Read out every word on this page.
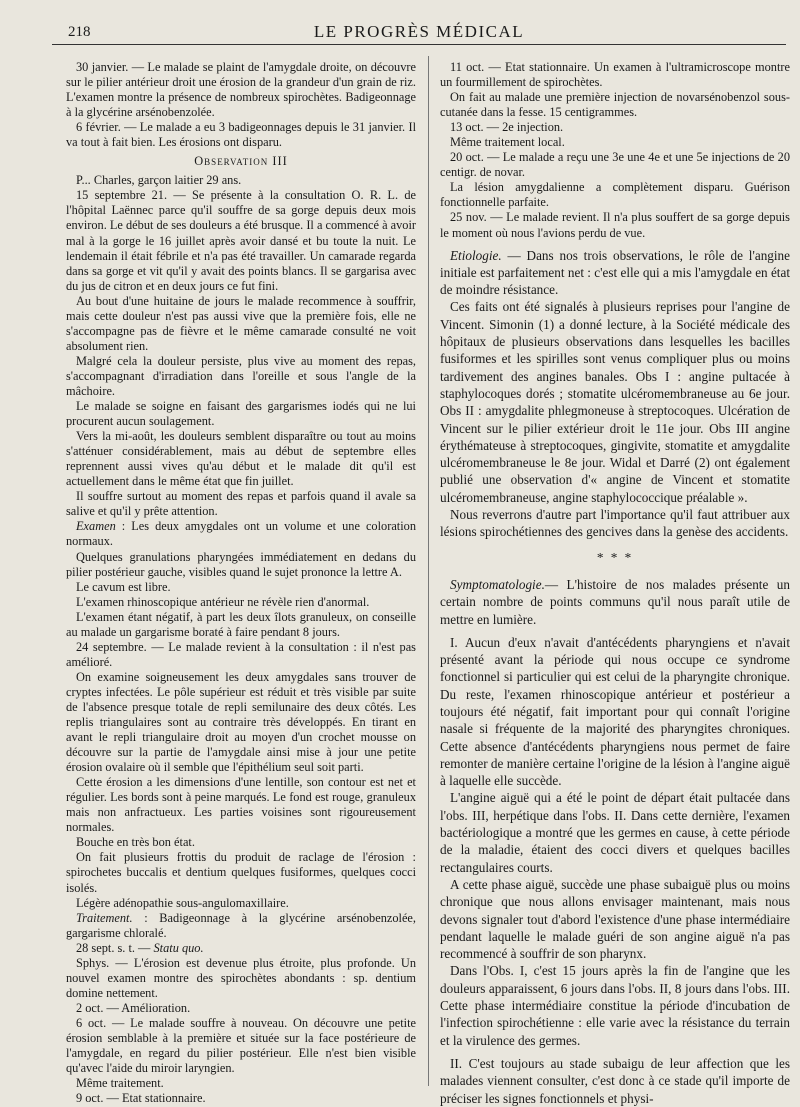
218	LE PROGRÈS MÉDICAL

30 janvier. — Le malade se plaint de l'amygdale droite, on découvre sur le pilier antérieur droit une érosion de la grandeur d'un grain de riz. L'examen montre la présence de nombreux spirochètes. Badigeonnage à la glycérine arsénobenzolée.

6 février. — Le malade a eu 3 badigeonnages depuis le 31 janvier. Il va tout à fait bien. Les érosions ont disparu.

Observation III

P... Charles, garçon laitier 29 ans.

15 septembre 21. — Se présente à la consultation O. R. L. de l'hôpital Laënnec parce qu'il souffre de sa gorge depuis deux mois environ. Le début de ses douleurs a été brusque. Il a commencé à avoir mal à la gorge le 16 juillet après avoir dansé et bu toute la nuit. Le lendemain il était fébrile et n'a pas été travailler. Un camarade regarda dans sa gorge et vit qu'il y avait des points blancs. Il se gargarisa avec du jus de citron et en deux jours ce fut fini.

Au bout d'une huitaine de jours le malade recommence à souffrir, mais cette douleur n'est pas aussi vive que la première fois, elle ne s'accompagne pas de fièvre et le même camarade consulté ne voit absolument rien.

Malgré cela la douleur persiste, plus vive au moment des repas, s'accompagnant d'irradiation dans l'oreille et sous l'angle de la mâchoire.

Le malade se soigne en faisant des gargarismes iodés qui ne lui procurent aucun soulagement.

Vers la mi-août, les douleurs semblent disparaître ou tout au moins s'atténuer considérablement, mais au début de septembre elles reprennent aussi vives qu'au début et le malade dit qu'il est actuellement dans le même état que fin juillet.

Il souffre surtout au moment des repas et parfois quand il avale sa salive et qu'il y prête attention.

Examen : Les deux amygdales ont un volume et une coloration normaux.

Quelques granulations pharyngées immédiatement en dedans du pilier postérieur gauche, visibles quand le sujet prononce la lettre A.

Le cavum est libre.

L'examen rhinoscopique antérieur ne révèle rien d'anormal.

L'examen étant négatif, à part les deux îlots granuleux, on conseille au malade un gargarisme boraté à faire pendant 8 jours.

24 septembre. — Le malade revient à la consultation : il n'est pas amélioré.

On examine soigneusement les deux amygdales sans trouver de cryptes infectées. Le pôle supérieur est réduit et très visible par suite de l'absence presque totale de repli semilunaire des deux côtés. Les replis triangulaires sont au contraire très développés. En tirant en avant le repli triangulaire droit au moyen d'un crochet mousse on découvre sur la partie de l'amygdale ainsi mise à jour une petite érosion ovalaire où il semble que l'épithélium seul soit parti.

Cette érosion a les dimensions d'une lentille, son contour est net et régulier. Les bords sont à peine marqués. Le fond est rouge, granuleux mais non anfractueux. Les parties voisines sont rigoureusement normales.

Bouche en très bon état.

On fait plusieurs frottis du produit de raclage de l'érosion : spirochetes buccalis et dentium quelques fusiformes, quelques cocci isolés.

Légère adénopathie sous-angulomaxillaire.

Traitement. : Badigeonnage à la glycérine arsénobenzolée, gargarisme chloralé.

28 sept. s. t. — Statu quo.

Sphys. — L'érosion est devenue plus étroite, plus profonde. Un nouvel examen montre des spirochètes abondants : sp. dentium domine nettement.

2 oct. — Amélioration.

6 oct. — Le malade souffre à nouveau. On découvre une petite érosion semblable à la première et située sur la face postérieure de l'amygdale, en regard du pilier postérieur. Elle n'est bien visible qu'avec l'aide du miroir laryngien.

Même traitement.

9 oct. — Etat stationnaire.

11 oct. — Etat stationnaire. Un examen à l'ultramicroscope montre un fourmillement de spirochètes.

On fait au malade une première injection de novarsénobenzol sous-cutanée dans la fesse. 15 centigrammes.

13 oct. — 2e injection.

Même traitement local.

20 oct. — Le malade a reçu une 3e une 4e et une 5e injections de 20 centigr. de novar.

La lésion amygdalienne a complètement disparu. Guérison fonctionnelle parfaite.

25 nov. — Le malade revient. Il n'a plus souffert de sa gorge depuis le moment où nous l'avions perdu de vue.

Etiologie. — Dans nos trois observations, le rôle de l'angine initiale est parfaitement net : c'est elle qui a mis l'amygdale en état de moindre résistance.

Ces faits ont été signalés à plusieurs reprises pour l'angine de Vincent. Simonin (1) a donné lecture, à la Société médicale des hôpitaux de plusieurs observations dans lesquelles les bacilles fusiformes et les spirilles sont venus compliquer plus ou moins tardivement des angines banales. Obs I : angine pultacée à staphylocoques dorés ; stomatite ulcéromembraneuse au 6e jour. Obs II : amygdalite phlegmoneuse à streptocoques. Ulcération de Vincent sur le pilier extérieur droit le 11e jour. Obs III angine érythémateuse à streptocoques, gingivite, stomatite et amygdalite ulcéromembraneuse le 8e jour. Widal et Darré (2) ont également publié une observation d'« angine de Vincent et stomatite ulcéromembraneuse, angine staphylococcique préalable ».

Nous reverrons d'autre part l'importance qu'il faut attribuer aux lésions spirochétiennes des gencives dans la genèse des accidents.

* * *

Symptomatologie.— L'histoire de nos malades présente un certain nombre de points communs qu'il nous paraît utile de mettre en lumière.

I. Aucun d'eux n'avait d'antécédents pharyngiens et n'avait présenté avant la période qui nous occupe ce syndrome fonctionnel si particulier qui est celui de la pharyngite chronique. Du reste, l'examen rhinoscopique antérieur et postérieur a toujours été négatif, fait important pour qui connaît l'origine nasale si fréquente de la majorité des pharyngites chroniques. Cette absence d'antécédents pharyngiens nous permet de faire remonter de manière certaine l'origine de la lésion à l'angine aiguë à laquelle elle succède.

L'angine aiguë qui a été le point de départ était pultacée dans l'obs. III, herpétique dans l'obs. II. Dans cette dernière, l'examen bactériologique a montré que les germes en cause, à cette période de la maladie, étaient des cocci divers et quelques bacilles rectangulaires courts.

A cette phase aiguë, succède une phase subaiguë plus ou moins chronique que nous allons envisager maintenant, mais nous devons signaler tout d'abord l'existence d'une phase intermédiaire pendant laquelle le malade guéri de son angine aiguë n'a pas recommencé à souffrir de son pharynx.

Dans l'Obs. I, c'est 15 jours après la fin de l'angine que les douleurs apparaissent, 6 jours dans l'obs. II, 8 jours dans l'obs. III. Cette phase intermédiaire constitue la période d'incubation de l'infection spirochétienne : elle varie avec la résistance du terrain et la virulence des germes.

II. C'est toujours au stade subaigu de leur affection que les malades viennent consulter, c'est donc à ce stade qu'il importe de préciser les signes fonctionnels et physi-
